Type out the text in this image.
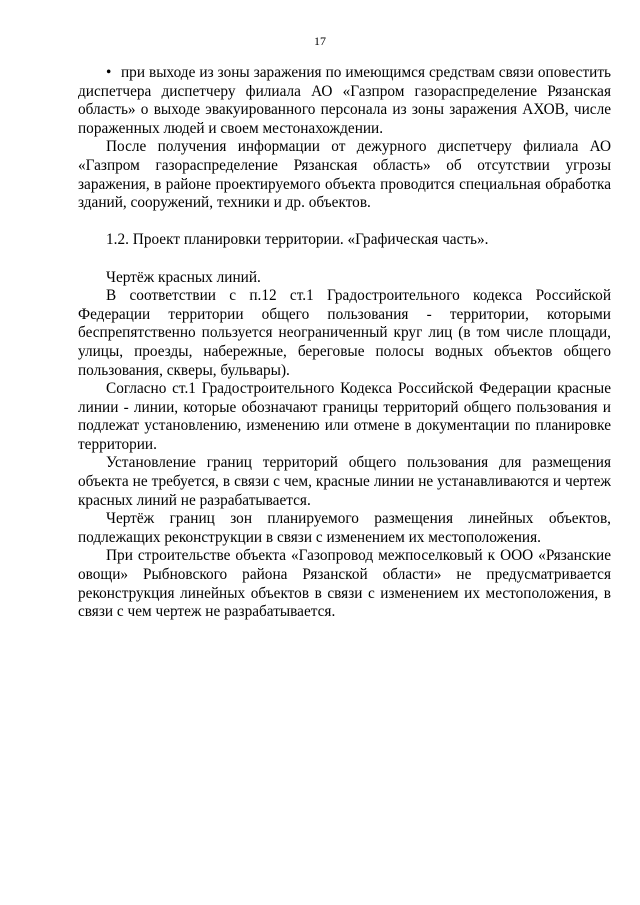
17

• при выходе из зоны заражения по имеющимся средствам связи оповестить диспетчера диспетчеру филиала АО «Газпром газораспределение Рязанская область» о выходе эвакуированного персонала из зоны заражения АХОВ, числе пораженных людей и своем местонахождении.

После получения информации от дежурного диспетчеру филиала АО «Газпром газораспределение Рязанская область» об отсутствии угрозы заражения, в районе проектируемого объекта проводится специальная обработка зданий, сооружений, техники и др. объектов.

1.2. Проект планировки территории. «Графическая часть».

Чертёж красных линий.

В соответствии с п.12 ст.1 Градостроительного кодекса Российской Федерации территории общего пользования - территории, которыми беспрепятственно пользуется неограниченный круг лиц (в том числе площади, улицы, проезды, набережные, береговые полосы водных объектов общего пользования, скверы, бульвары).

Согласно ст.1 Градостроительного Кодекса Российской Федерации красные линии - линии, которые обозначают границы территорий общего пользования и подлежат установлению, изменению или отмене в документации по планировке территории.

Установление границ территорий общего пользования для размещения объекта не требуется, в связи с чем, красные линии не устанавливаются и чертеж красных линий не разрабатывается.

Чертёж границ зон планируемого размещения линейных объектов, подлежащих реконструкции в связи с изменением их местоположения.

При строительстве объекта «Газопровод межпоселковый к ООО «Рязанские овощи» Рыбновского района Рязанской области» не предусматривается реконструкция линейных объектов в связи с изменением их местоположения, в связи с чем чертеж не разрабатывается.
